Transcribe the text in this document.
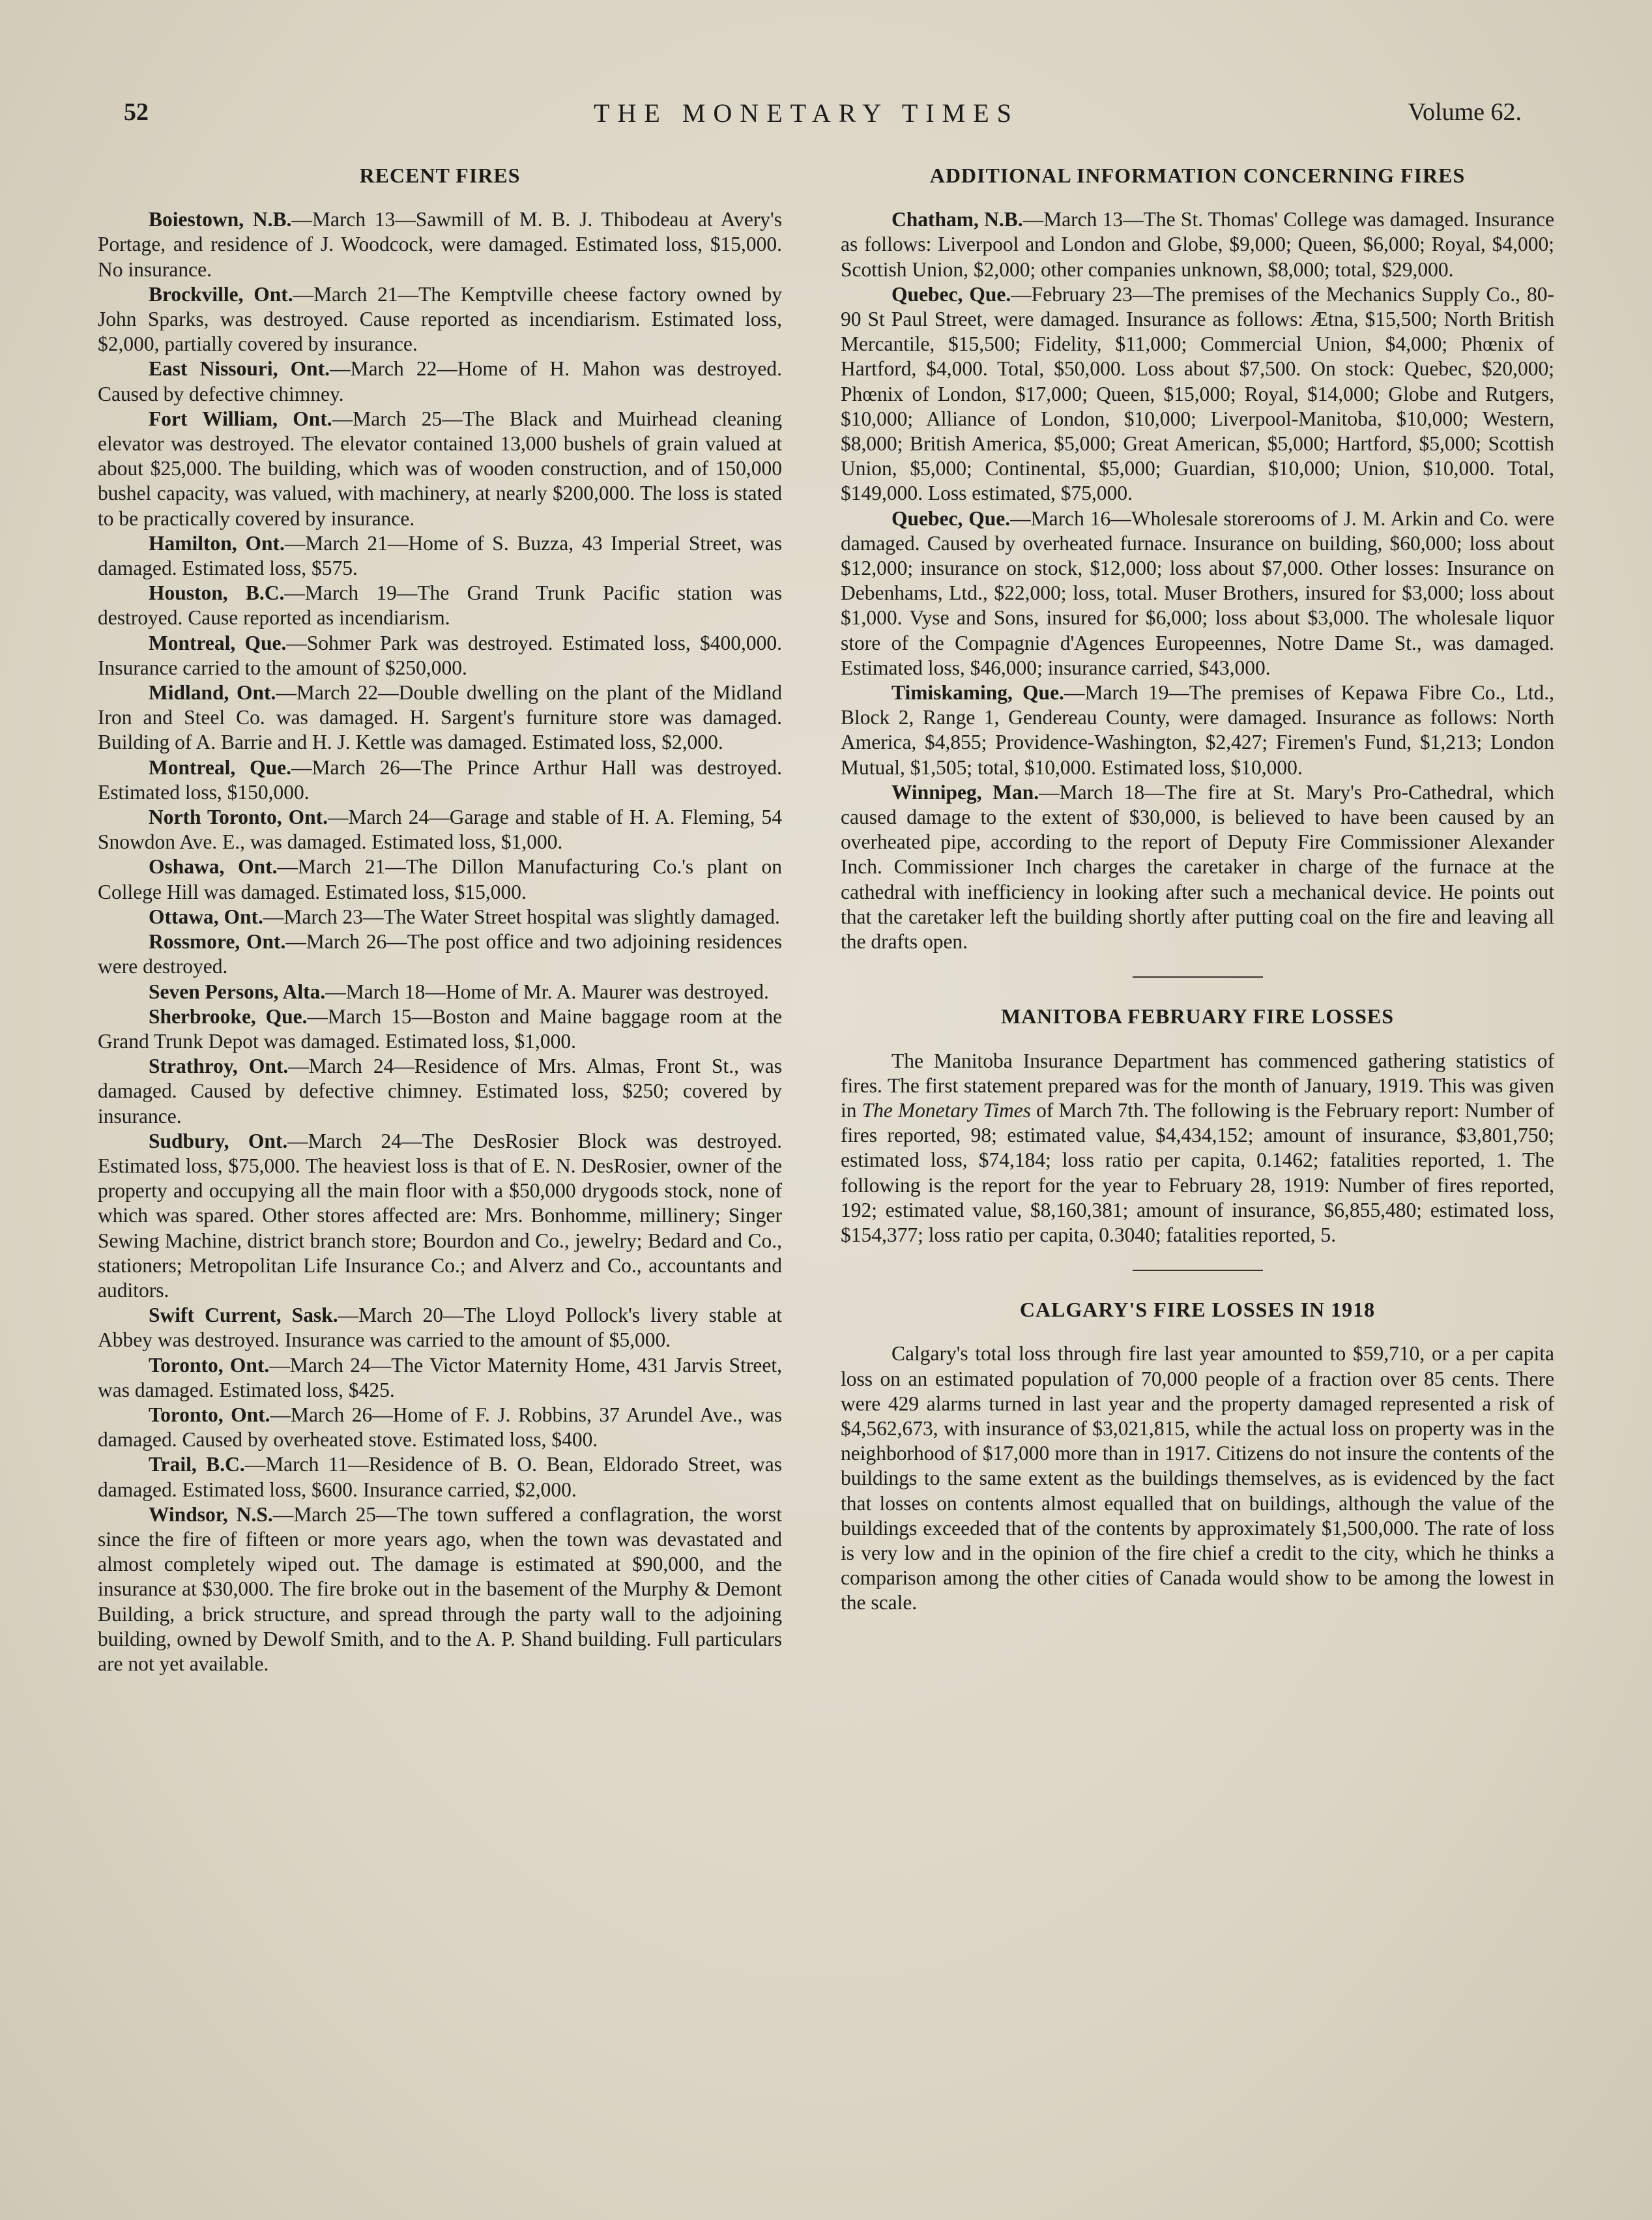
52	THE MONETARY TIMES	Volume 62.
RECENT FIRES

Boiestown, N.B.—March 13—Sawmill of M. B. J. Thibodeau at Avery's Portage, and residence of J. Woodcock, were damaged. Estimated loss, $15,000. No insurance.

Brockville, Ont.—March 21—The Kemptville cheese factory owned by John Sparks, was destroyed. Cause reported as incendiarism. Estimated loss, $2,000, partially covered by insurance.

East Nissouri, Ont.—March 22—Home of H. Mahon was destroyed. Caused by defective chimney.

Fort William, Ont.—March 25—The Black and Muirhead cleaning elevator was destroyed. The elevator contained 13,000 bushels of grain valued at about $25,000. The building, which was of wooden construction, and of 150,000 bushel capacity, was valued, with machinery, at nearly $200,000. The loss is stated to be practically covered by insurance.

Hamilton, Ont.—March 21—Home of S. Buzza, 43 Imperial Street, was damaged. Estimated loss, $575.

Houston, B.C.—March 19—The Grand Trunk Pacific station was destroyed. Cause reported as incendiarism.

Montreal, Que.—Sohmer Park was destroyed. Estimated loss, $400,000. Insurance carried to the amount of $250,000.

Midland, Ont.—March 22—Double dwelling on the plant of the Midland Iron and Steel Co. was damaged. H. Sargent's furniture store was damaged. Building of A. Barrie and H. J. Kettle was damaged. Estimated loss, $2,000.

Montreal, Que.—March 26—The Prince Arthur Hall was destroyed. Estimated loss, $150,000.

North Toronto, Ont.—March 24—Garage and stable of H. A. Fleming, 54 Snowdon Ave. E., was damaged. Estimated loss, $1,000.

Oshawa, Ont.—March 21—The Dillon Manufacturing Co.'s plant on College Hill was damaged. Estimated loss, $15,000.

Ottawa, Ont.—March 23—The Water Street hospital was slightly damaged.

Rossmore, Ont.—March 26—The post office and two adjoining residences were destroyed.

Seven Persons, Alta.—March 18—Home of Mr. A. Maurer was destroyed.

Sherbrooke, Que.—March 15—Boston and Maine baggage room at the Grand Trunk Depot was damaged. Estimated loss, $1,000.

Strathroy, Ont.—March 24—Residence of Mrs. Almas, Front St., was damaged. Caused by defective chimney. Estimated loss, $250; covered by insurance.

Sudbury, Ont.—March 24—The DesRosier Block was destroyed. Estimated loss, $75,000. The heaviest loss is that of E. N. DesRosier, owner of the property and occupying all the main floor with a $50,000 drygoods stock, none of which was spared. Other stores affected are: Mrs. Bonhomme, millinery; Singer Sewing Machine, district branch store; Bourdon and Co., jewelry; Bedard and Co., stationers; Metropolitan Life Insurance Co.; and Alverz and Co., accountants and auditors.

Swift Current, Sask.—March 20—The Lloyd Pollock's livery stable at Abbey was destroyed. Insurance was carried to the amount of $5,000.

Toronto, Ont.—March 24—The Victor Maternity Home, 431 Jarvis Street, was damaged. Estimated loss, $425.

Toronto, Ont.—March 26—Home of F. J. Robbins, 37 Arundel Ave., was damaged. Caused by overheated stove. Estimated loss, $400.

Trail, B.C.—March 11—Residence of B. O. Bean, Eldorado Street, was damaged. Estimated loss, $600. Insurance carried, $2,000.

Windsor, N.S.—March 25—The town suffered a conflagration, the worst since the fire of fifteen or more years ago, when the town was devastated and almost completely wiped out. The damage is estimated at $90,000, and the insurance at $30,000. The fire broke out in the basement of the Murphy & Demont Building, a brick structure, and spread through the party wall to the adjoining building, owned by Dewolf Smith, and to the A. P. Shand building. Full particulars are not yet available.

ADDITIONAL INFORMATION CONCERNING FIRES

Chatham, N.B.—March 13—The St. Thomas' College was damaged. Insurance as follows: Liverpool and London and Globe, $9,000; Queen, $6,000; Royal, $4,000; Scottish Union, $2,000; other companies unknown, $8,000; total, $29,000.

Quebec, Que.—February 23—The premises of the Mechanics Supply Co., 80-90 St Paul Street, were damaged. Insurance as follows: Ætna, $15,500; North British Mercantile, $15,500; Fidelity, $11,000; Commercial Union, $4,000; Phœnix of Hartford, $4,000. Total, $50,000. Loss about $7,500. On stock: Quebec, $20,000; Phœnix of London, $17,000; Queen, $15,000; Royal, $14,000; Globe and Rutgers, $10,000; Alliance of London, $10,000; Liverpool-Manitoba, $10,000; Western, $8,000; British America, $5,000; Great American, $5,000; Hartford, $5,000; Scottish Union, $5,000; Continental, $5,000; Guardian, $10,000; Union, $10,000. Total, $149,000. Loss estimated, $75,000.

Quebec, Que.—March 16—Wholesale storerooms of J. M. Arkin and Co. were damaged. Caused by overheated furnace. Insurance on building, $60,000; loss about $12,000; insurance on stock, $12,000; loss about $7,000. Other losses: Insurance on Debenhams, Ltd., $22,000; loss, total. Muser Brothers, insured for $3,000; loss about $1,000. Vyse and Sons, insured for $6,000; loss about $3,000. The wholesale liquor store of the Compagnie d'Agences Europeennes, Notre Dame St., was damaged. Estimated loss, $46,000; insurance carried, $43,000.

Timiskaming, Que.—March 19—The premises of Kepawa Fibre Co., Ltd., Block 2, Range 1, Gendereau County, were damaged. Insurance as follows: North America, $4,855; Providence-Washington, $2,427; Firemen's Fund, $1,213; London Mutual, $1,505; total, $10,000. Estimated loss, $10,000.

Winnipeg, Man.—March 18—The fire at St. Mary's Pro-Cathedral, which caused damage to the extent of $30,000, is believed to have been caused by an overheated pipe, according to the report of Deputy Fire Commissioner Alexander Inch. Commissioner Inch charges the caretaker in charge of the furnace at the cathedral with inefficiency in looking after such a mechanical device. He points out that the caretaker left the building shortly after putting coal on the fire and leaving all the drafts open.

MANITOBA FEBRUARY FIRE LOSSES

The Manitoba Insurance Department has commenced gathering statistics of fires. The first statement prepared was for the month of January, 1919. This was given in The Monetary Times of March 7th. The following is the February report: Number of fires reported, 98; estimated value, $4,434,152; amount of insurance, $3,801,750; estimated loss, $74,184; loss ratio per capita, 0.1462; fatalities reported, 1. The following is the report for the year to February 28, 1919: Number of fires reported, 192; estimated value, $8,160,381; amount of insurance, $6,855,480; estimated loss, $154,377; loss ratio per capita, 0.3040; fatalities reported, 5.

CALGARY'S FIRE LOSSES IN 1918

Calgary's total loss through fire last year amounted to $59,710, or a per capita loss on an estimated population of 70,000 people of a fraction over 85 cents. There were 429 alarms turned in last year and the property damaged represented a risk of $4,562,673, with insurance of $3,021,815, while the actual loss on property was in the neighborhood of $17,000 more than in 1917. Citizens do not insure the contents of the buildings to the same extent as the buildings themselves, as is evidenced by the fact that losses on contents almost equalled that on buildings, although the value of the buildings exceeded that of the contents by approximately $1,500,000. The rate of loss is very low and in the opinion of the fire chief a credit to the city, which he thinks a comparison among the other cities of Canada would show to be among the lowest in the scale.
